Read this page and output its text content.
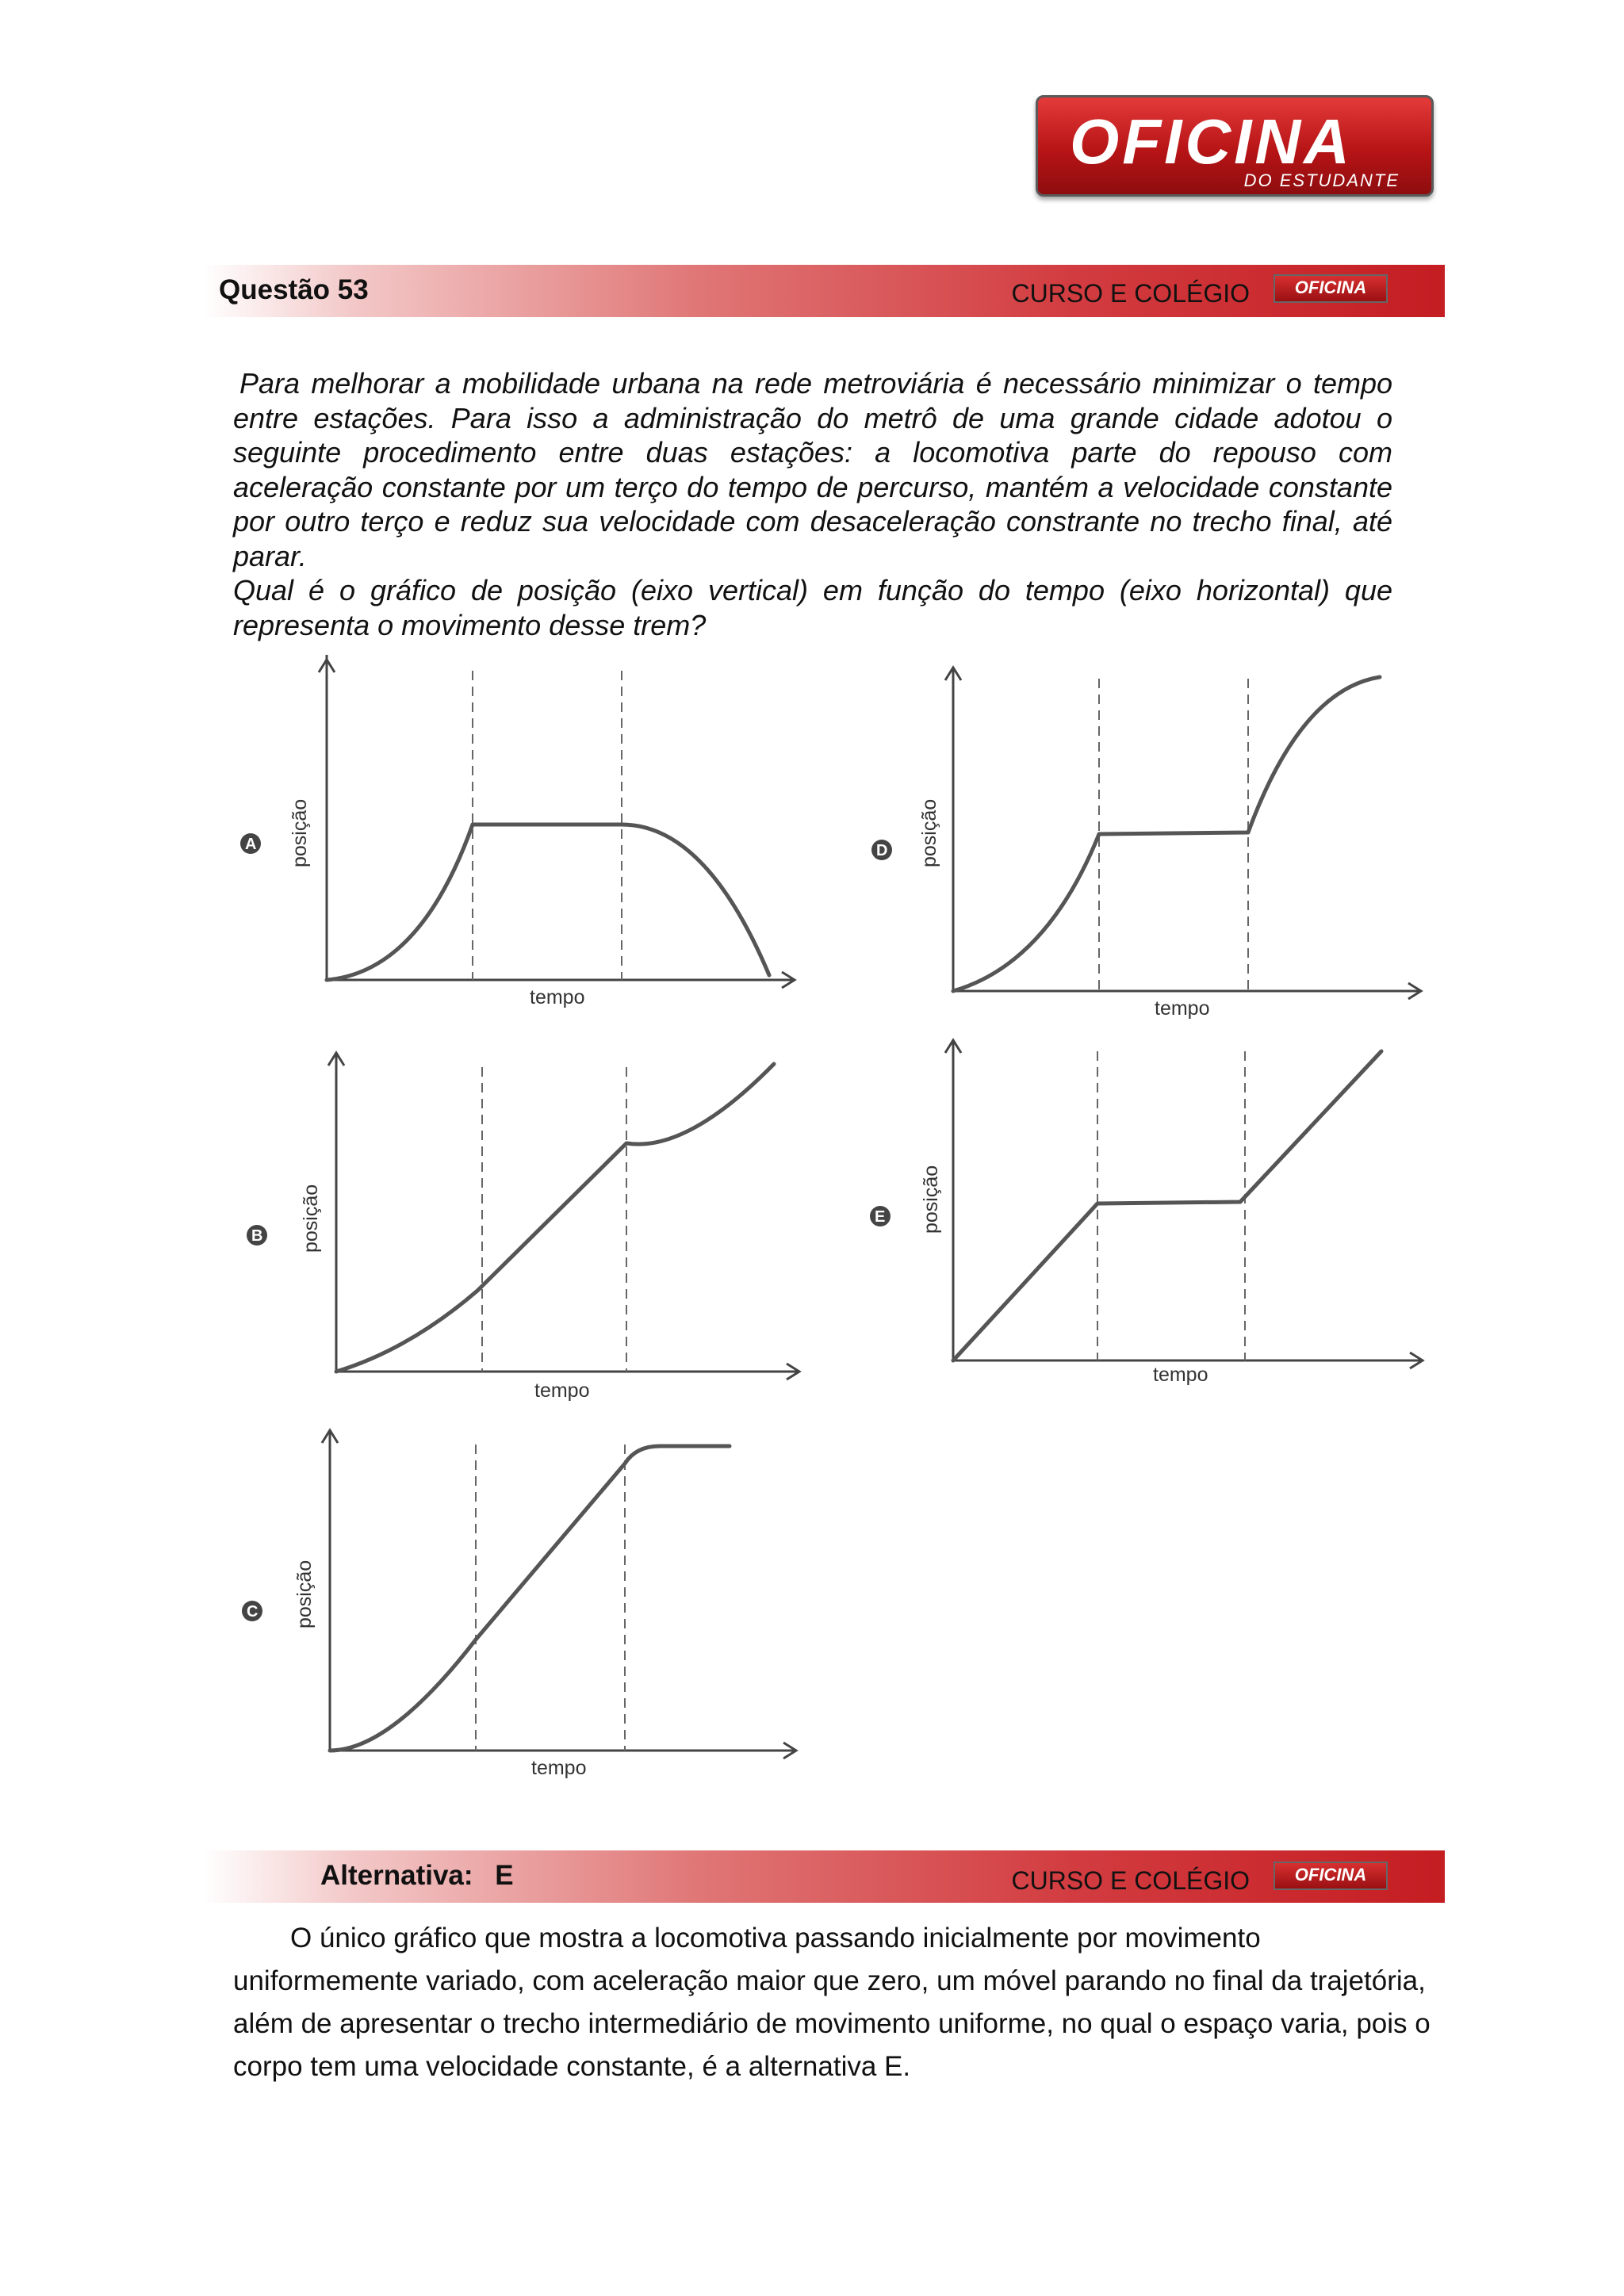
OFICINA
DO ESTUDANTE
Questão 53	CURSO E COLÉGIO	OFICINA

Para melhorar a mobilidade urbana na rede metroviária é necessário minimizar o tempo entre estações. Para isso a administração do metrô de uma grande cidade adotou o seguinte procedimento entre duas estações: a locomotiva parte do repouso com aceleração constante por um terço do tempo de percurso, mantém a velocidade constante por outro terço e reduz sua velocidade com desaceleração constrante no trecho final, até parar.

Qual é o gráfico de posição (eixo vertical) em função do tempo (eixo horizontal) que representa o movimento desse trem?

A posição
tempo
D posição
tempo
B posição
tempo
E posição
tempo
C posição
tempo
Alternativa: E	CURSO E COLÉGIO	OFICINA

O único gráfico que mostra a locomotiva passando inicialmente por movimento uniformemente variado, com aceleração maior que zero, um móvel parando no final da trajetória, além de apresentar o trecho intermediário de movimento uniforme, no qual o espaço varia, pois o corpo tem uma velocidade constante, é a alternativa E.
